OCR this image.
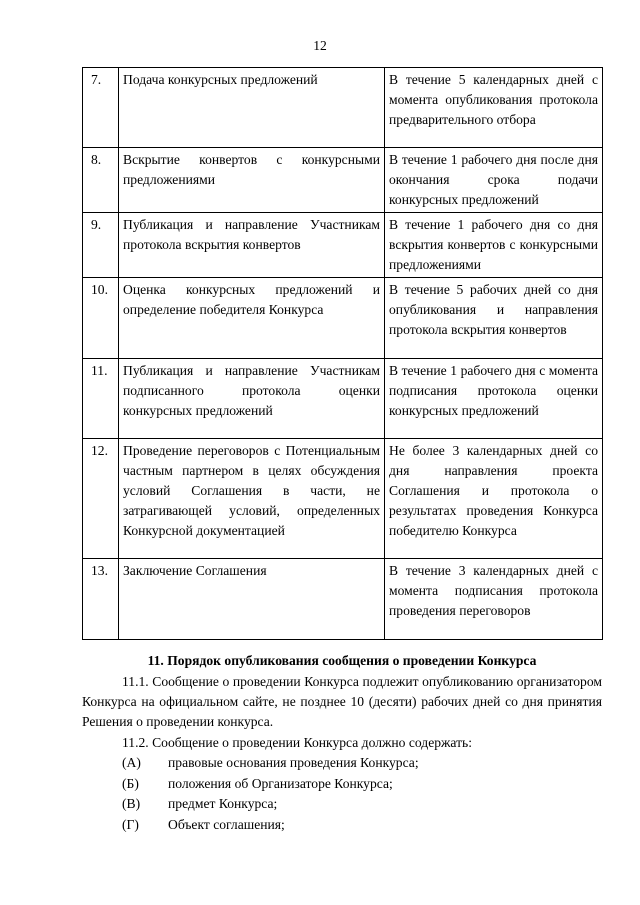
12
7.	Подача конкурсных предложений	В течение 5 календарных дней с момента опубликования протокола предварительного отбора
8.	Вскрытие конвертов с конкурсными предложениями	В течение 1 рабочего дня после дня окончания срока подачи конкурсных предложений
9.	Публикация и направление Участникам протокола вскрытия конвертов	В течение 1 рабочего дня со дня вскрытия конвертов с конкурсными предложениями
10.	Оценка конкурсных предложений и определение победителя Конкурса	В течение 5 рабочих дней со дня опубликования и направления протокола вскрытия конвертов
11.	Публикация и направление Участникам подписанного протокола оценки конкурсных предложений	В течение 1 рабочего дня с момента подписания протокола оценки конкурсных предложений
12.	Проведение переговоров с Потенциальным частным партнером в целях обсуждения условий Соглашения в части, не затрагивающей условий, определенных Конкурсной документацией	Не более 3 календарных дней со дня направления проекта Соглашения и протокола о результатах проведения Конкурса победителю Конкурса
13.	Заключение Соглашения	В течение 3 календарных дней с момента подписания протокола проведения переговоров
11. Порядок опубликования сообщения о проведении Конкурса
11.1. Сообщение о проведении Конкурса подлежит опубликованию организатором Конкурса на официальном сайте, не позднее 10 (десяти) рабочих дней со дня принятия Решения о проведении конкурса.
11.2. Сообщение о проведении Конкурса должно содержать:
(А) правовые основания проведения Конкурса;
(Б) положения об Организаторе Конкурса;
(В) предмет Конкурса;
(Г) Объект соглашения;
